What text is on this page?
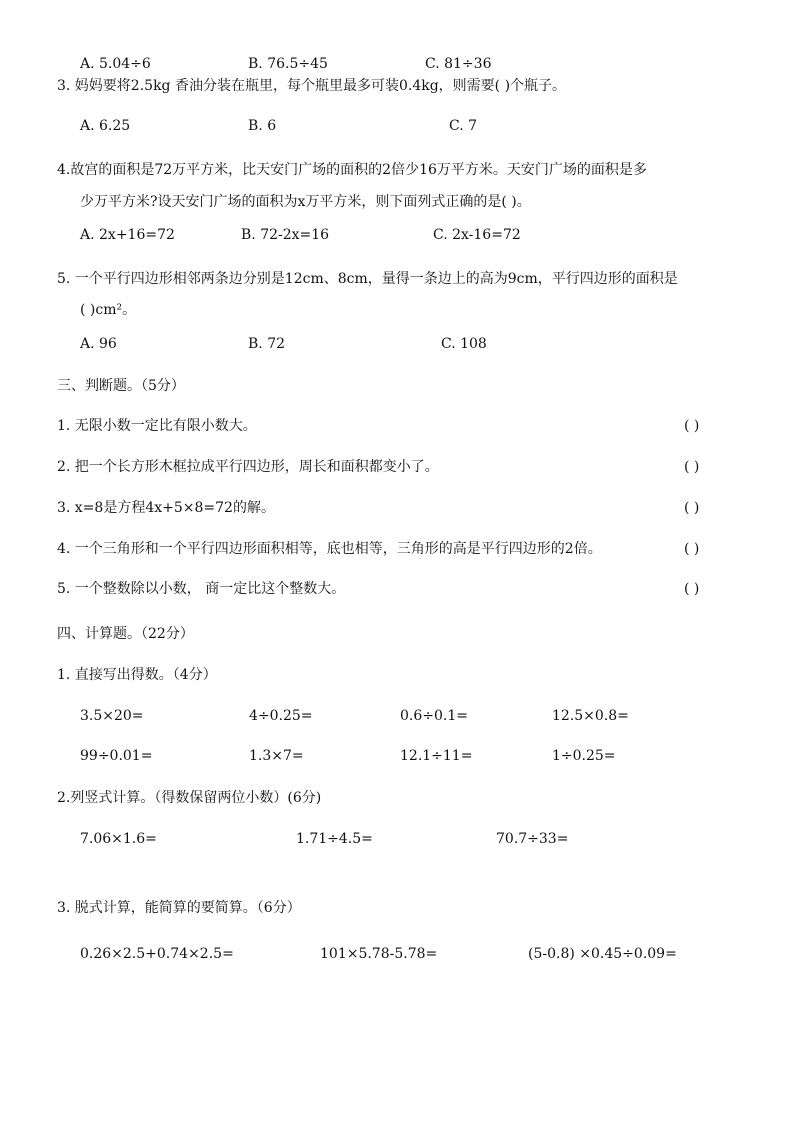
A. 5.04÷6	B. 76.5÷45	C. 81÷36
3. 妈妈要将2.5kg 香油分装在瓶里，每个瓶里最多可装0.4kg，则需要( )个瓶子。
A. 6.25	B. 6	C. 7
4.故宫的面积是72万平方米，比天安门广场的面积的2倍少16万平方米。天安门广场的面积是多
少万平方米?设天安门广场的面积为x万平方米，则下面列式正确的是( )。
A. 2x+16=72	B. 72-2x=16	C. 2x-16=72
5. 一个平行四边形相邻两条边分别是12cm、8cm，量得一条边上的高为9cm，平行四边形的面积是
( )cm²。
A. 96	B. 72	C. 108
三、判断题。（5分）
1. 无限小数一定比有限小数大。	( )
2. 把一个长方形木框拉成平行四边形，周长和面积都变小了。	( )
3. x=8是方程4x+5×8=72的解。	( )
4. 一个三角形和一个平行四边形面积相等，底也相等，三角形的高是平行四边形的2倍。	( )
5. 一个整数除以小数， 商一定比这个整数大。	( )
四、计算题。（22分）
1. 直接写出得数。（4分）
3.5×20=	4÷0.25=	0.6÷0.1=	12.5×0.8=
99÷0.01=	1.3×7=	12.1÷11=	1÷0.25=
2.列竖式计算。（得数保留两位小数）(6分)
7.06×1.6=	1.71÷4.5=	70.7÷33=
3. 脱式计算，能简算的要简算。（6分）
0.26×2.5+0.74×2.5=	101×5.78-5.78=	(5-0.8) ×0.45÷0.09=
